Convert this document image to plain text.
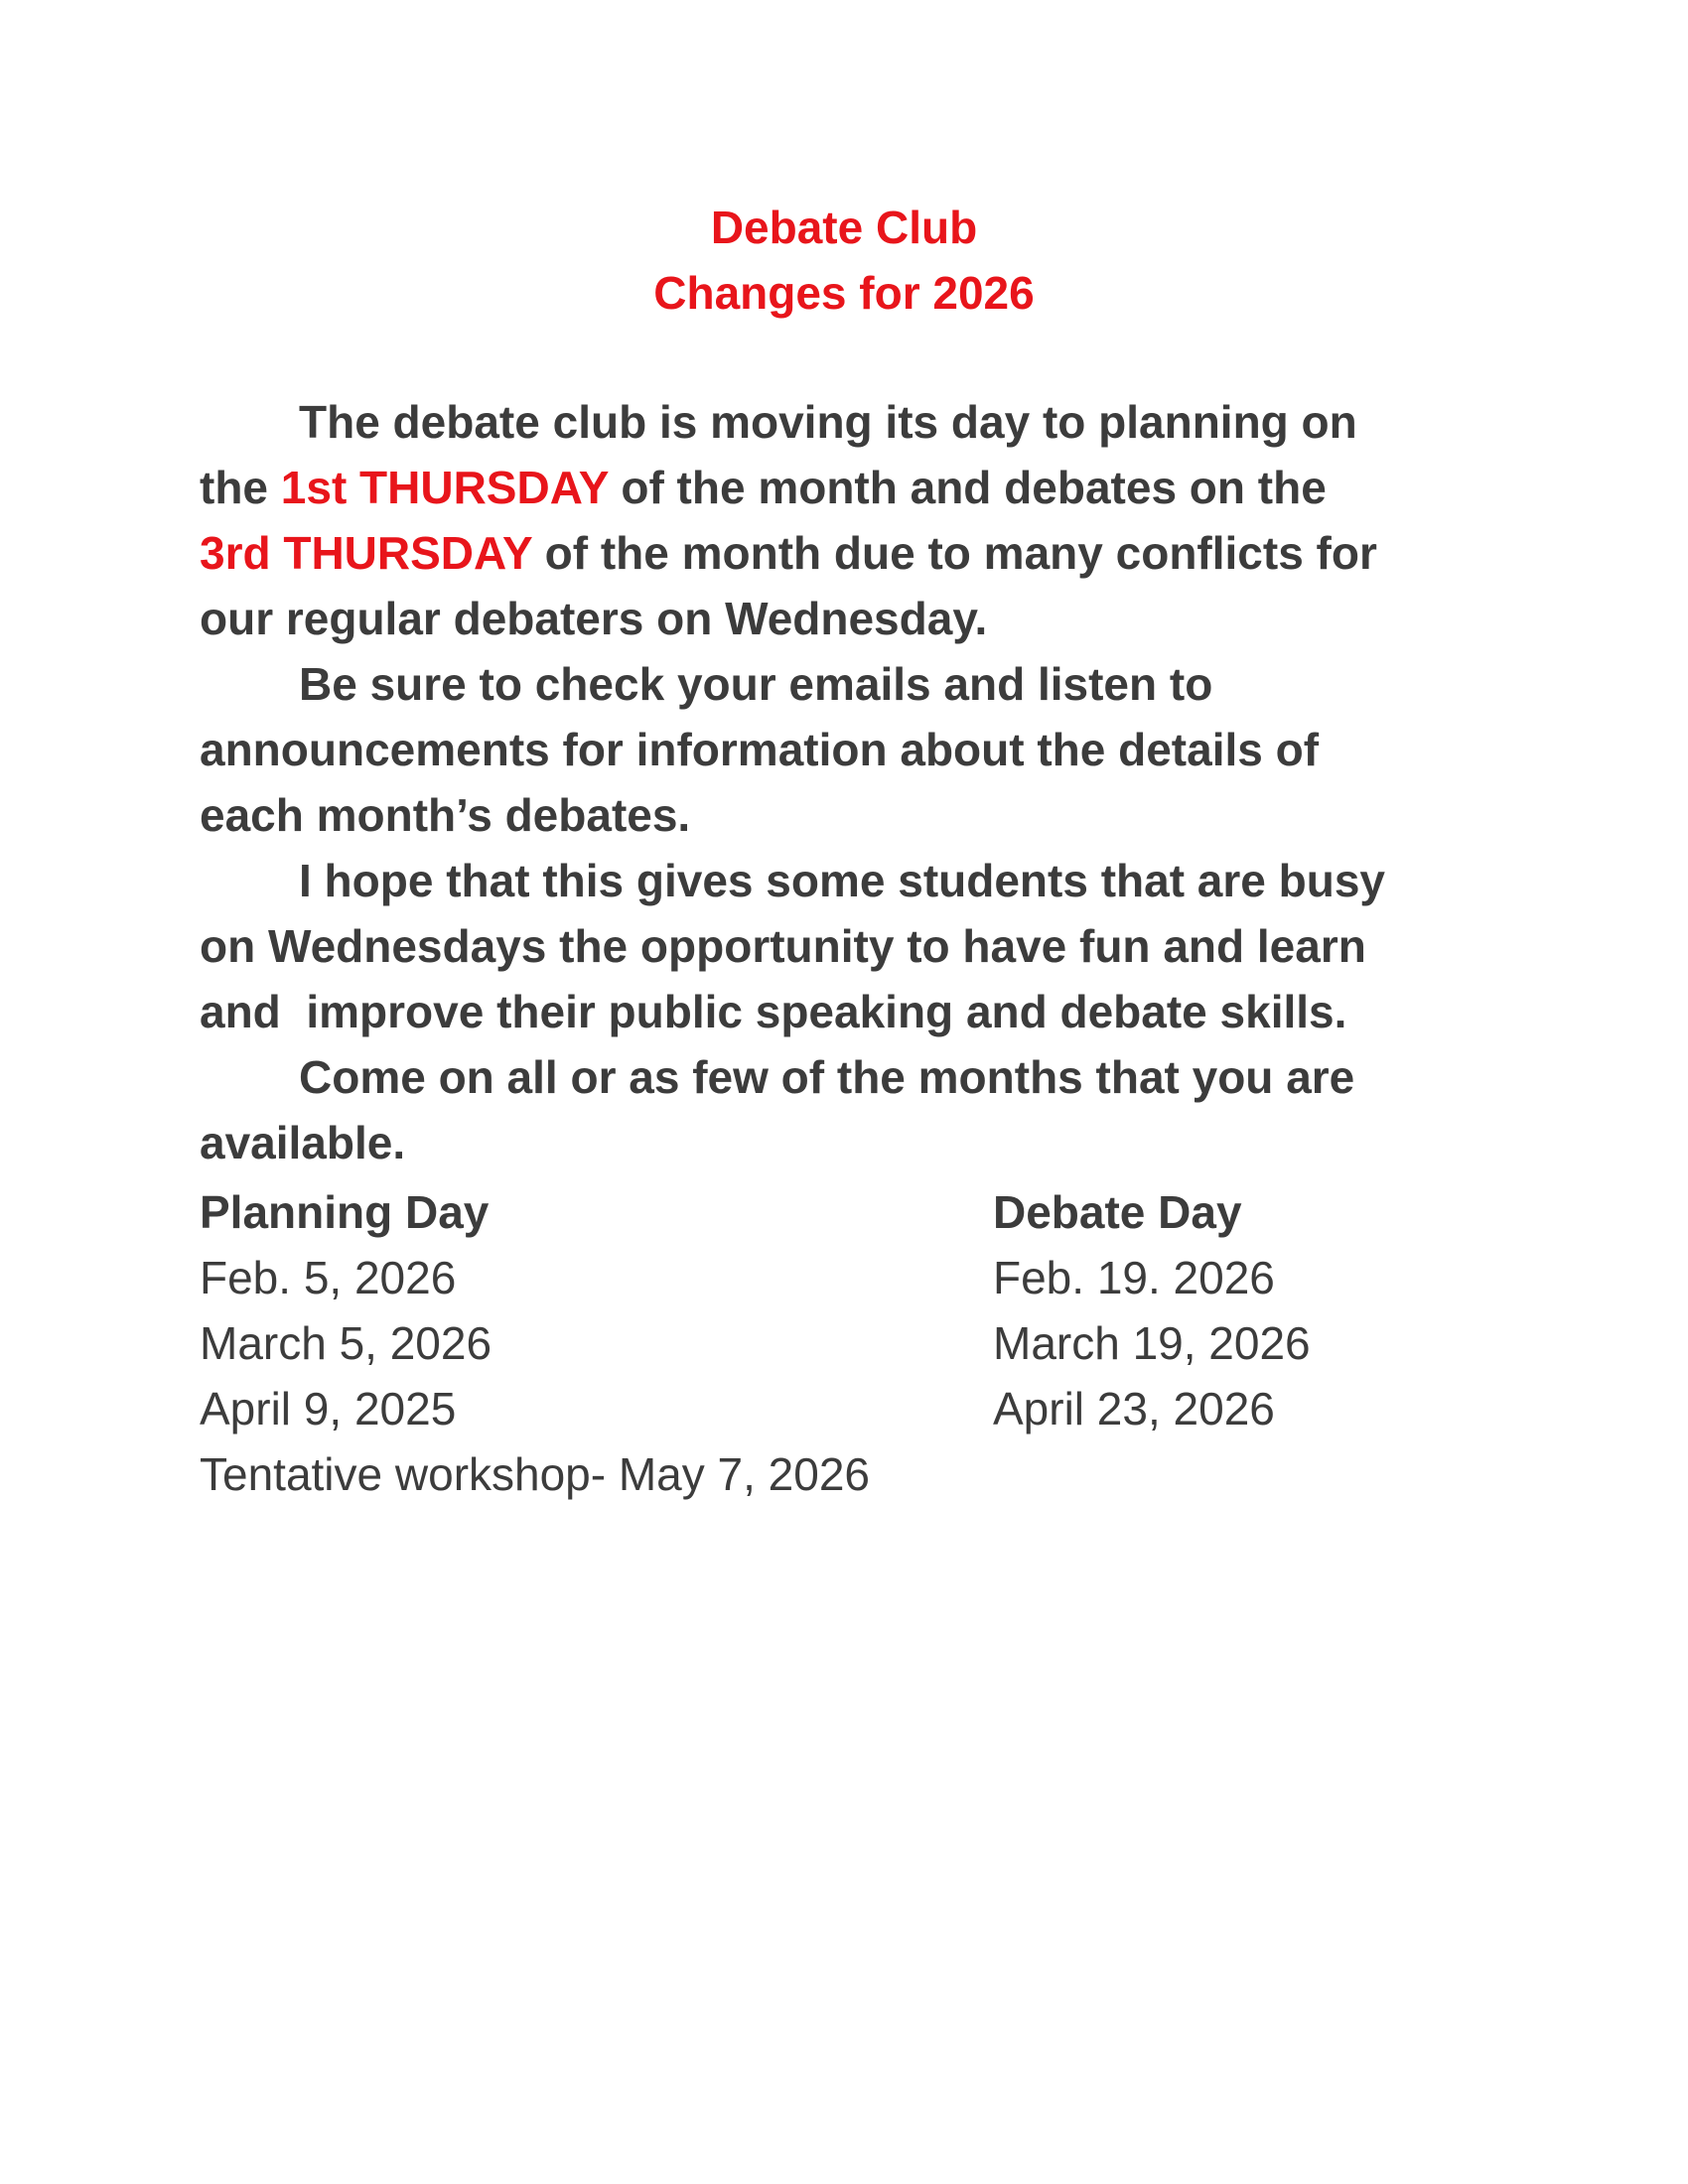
Debate Club
Changes for 2026
The debate club is moving its day to planning on
the 1st THURSDAY of the month and debates on the
3rd THURSDAY of the month due to many conflicts for
our regular debaters on Wednesday.
Be sure to check your emails and listen to
announcements for information about the details of
each month’s debates.
I hope that this gives some students that are busy
on Wednesdays the opportunity to have fun and learn
and  improve their public speaking and debate skills.
Come on all or as few of the months that you are
available.
Planning Day	Debate Day
Feb. 5, 2026
March 5, 2026
April 9, 2025
Tentative workshop- May 7, 2026
Feb. 19. 2026
March 19, 2026
April 23, 2026
